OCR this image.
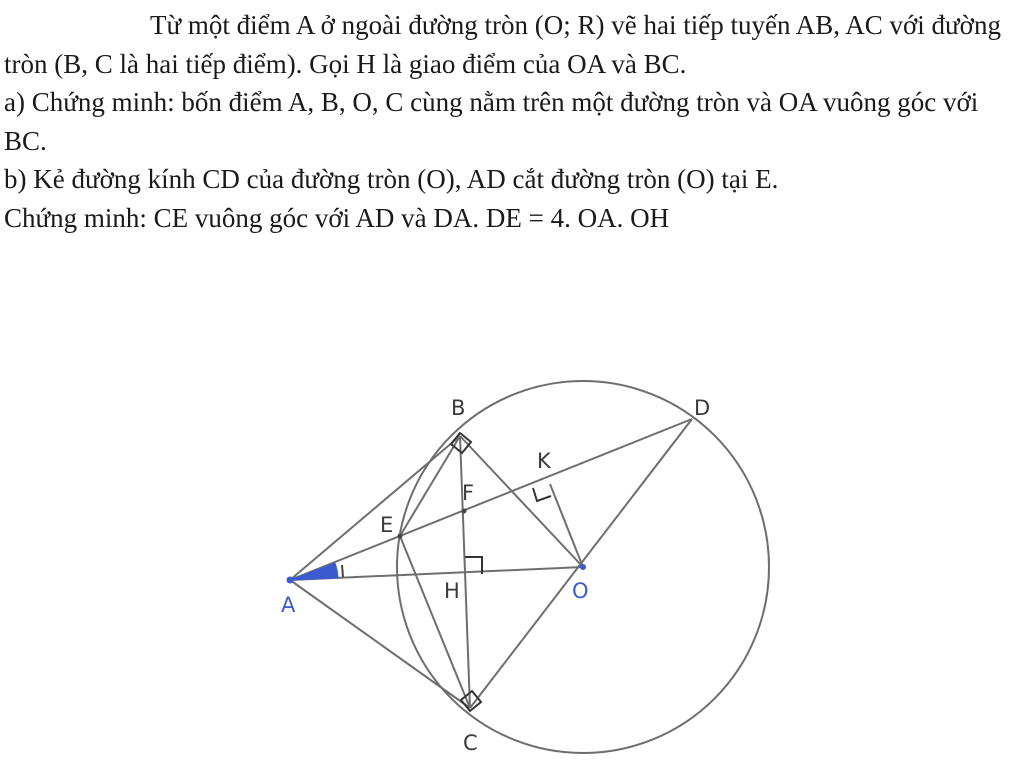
Từ một điểm A ở ngoài đường tròn (O; R) vẽ hai tiếp tuyến AB, AC với đường tròn (B, C là hai tiếp điểm). Gọi H là giao điểm của OA và BC.

a) Chứng minh: bốn điểm A, B, O, C cùng nằm trên một đường tròn và OA vuông góc với BC.

b) Kẻ đường kính CD của đường tròn (O), AD cắt đường tròn (O) tại E.

Chứng minh: CE vuông góc với AD và DA. DE = 4. OA. OH

A
B
C
D
E
F
H
K
O
